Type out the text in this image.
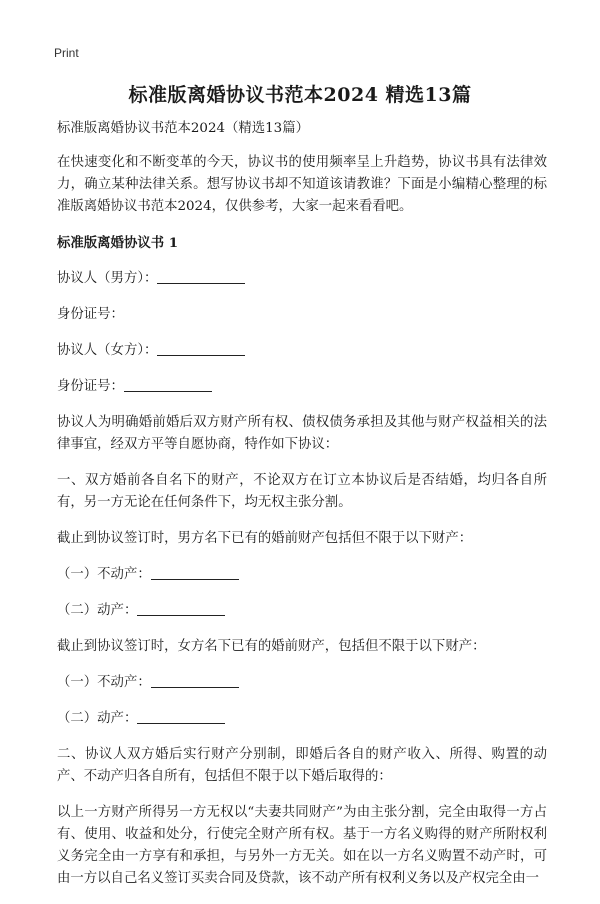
Print
标准版离婚协议书范本2024 精选13篇

标准版离婚协议书范本2024（精选13篇）

在快速变化和不断变革的今天，协议书的使用频率呈上升趋势，协议书具有法律效力，确立某种法律关系。想写协议书却不知道该请教谁？下面是小编精心整理的标准版离婚协议书范本2024，仅供参考，大家一起来看看吧。

标准版离婚协议书 1

协议人（男方）：

身份证号：

协议人（女方）：

身份证号：

协议人为明确婚前婚后双方财产所有权、债权债务承担及其他与财产权益相关的法律事宜，经双方平等自愿协商，特作如下协议：

一、双方婚前各自名下的财产，不论双方在订立本协议后是否结婚，均归各自所有，另一方无论在任何条件下，均无权主张分割。

截止到协议签订时，男方名下已有的婚前财产包括但不限于以下财产：

（一）不动产：

（二）动产：

截止到协议签订时，女方名下已有的婚前财产，包括但不限于以下财产：

（一）不动产：

（二）动产：

二、协议人双方婚后实行财产分别制，即婚后各自的财产收入、所得、购置的动产、不动产归各自所有，包括但不限于以下婚后取得的：

以上一方财产所得另一方无权以“夫妻共同财产”为由主张分割，完全由取得一方占有、使用、收益和处分，行使完全财产所有权。基于一方名义购得的财产所附权利义务完全由一方享有和承担，与另外一方无关。如在以一方名义购置不动产时，可由一方以自己名义签订买卖合同及贷款，该不动产所有权利义务以及产权完全由一
